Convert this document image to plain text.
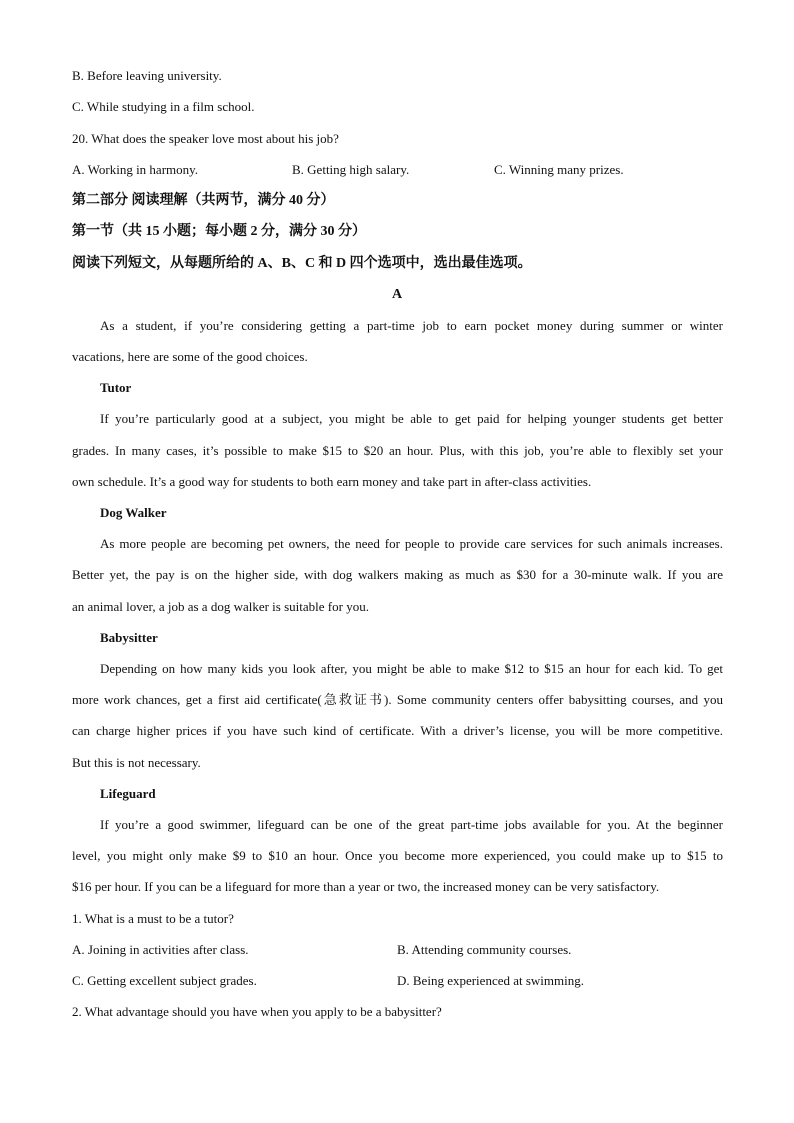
B. Before leaving university.
C. While studying in a film school.
20. What does the speaker love most about his job?
A. Working in harmony.	B. Getting high salary.	C. Winning many prizes.
第二部分 阅读理解（共两节，满分 40 分）
第一节（共 15 小题；每小题 2 分，满分 30 分）
阅读下列短文，从每题所给的 A、B、C 和 D 四个选项中，选出最佳选项。
A
As a student, if you’re considering getting a part-time job to earn pocket money during summer or winter
vacations, here are some of the good choices.
Tutor
If you’re particularly good at a subject, you might be able to get paid for helping younger students get better
grades. In many cases, it’s possible to make $15 to $20 an hour. Plus, with this job, you’re able to flexibly set your
own schedule. It’s a good way for students to both earn money and take part in after-class activities.
Dog Walker
As more people are becoming pet owners, the need for people to provide care services for such animals increases.
Better yet, the pay is on the higher side, with dog walkers making as much as $30 for a 30-minute walk. If you are
an animal lover, a job as a dog walker is suitable for you.
Babysitter
Depending on how many kids you look after, you might be able to make $12 to $15 an hour for each kid. To get
more work chances, get a first aid certificate(急救证书). Some community centers offer babysitting courses, and you
can charge higher prices if you have such kind of certificate. With a driver’s license, you will be more competitive.
But this is not necessary.
Lifeguard
If you’re a good swimmer, lifeguard can be one of the great part-time jobs available for you. At the beginner
level, you might only make $9 to $10 an hour. Once you become more experienced, you could make up to $15 to
$16 per hour. If you can be a lifeguard for more than a year or two, the increased money can be very satisfactory.
1. What is a must to be a tutor?
A. Joining in activities after class.	B. Attending community courses.
C. Getting excellent subject grades.	D. Being experienced at swimming.
2. What advantage should you have when you apply to be a babysitter?
